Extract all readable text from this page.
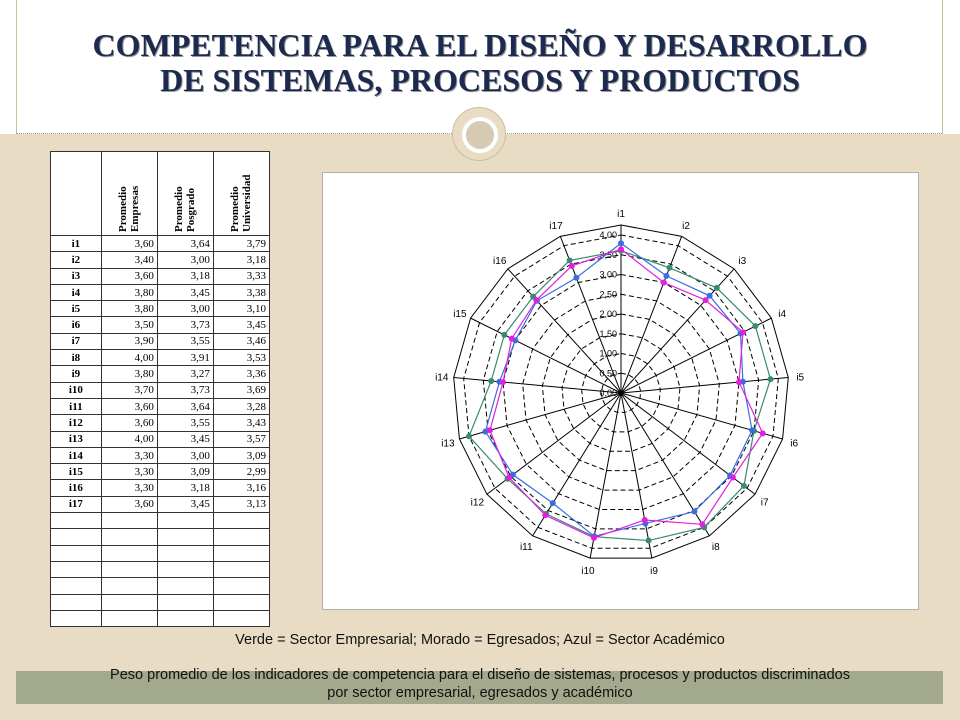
COMPETENCIA PARA EL DISEÑO Y DESARROLLO
DE SISTEMAS, PROCESOS Y PRODUCTOS
	Promedio Empresas	Promedio Posgrado	Promedio Universidad
i1	3,60	3,64	3,79
i2	3,40	3,00	3,18
i3	3,60	3,18	3,33
i4	3,80	3,45	3,38
i5	3,80	3,00	3,10
i6	3,50	3,73	3,45
i7	3,90	3,55	3,46
i8	4,00	3,91	3,53
i9	3,80	3,27	3,36
i10	3,70	3,73	3,69
i11	3,60	3,64	3,28
i12	3,60	3,55	3,43
i13	4,00	3,45	3,57
i14	3,30	3,00	3,09
i15	3,30	3,09	2,99
i16	3,30	3,18	3,16
i17	3,60	3,45	3,13

0,00
0,50
1,00
1,50
2,00
2,50
3,00
3,50
4,00
i1
i2
i3
i4
i5
i6
i7
i8
i9
i10
i11
i12
i13
i14
i15
i16
i17
Verde = Sector Empresarial; Morado = Egresados; Azul = Sector Académico
Peso promedio de los indicadores de competencia para el diseño de sistemas, procesos y productos discriminados por sector empresarial, egresados y académico
